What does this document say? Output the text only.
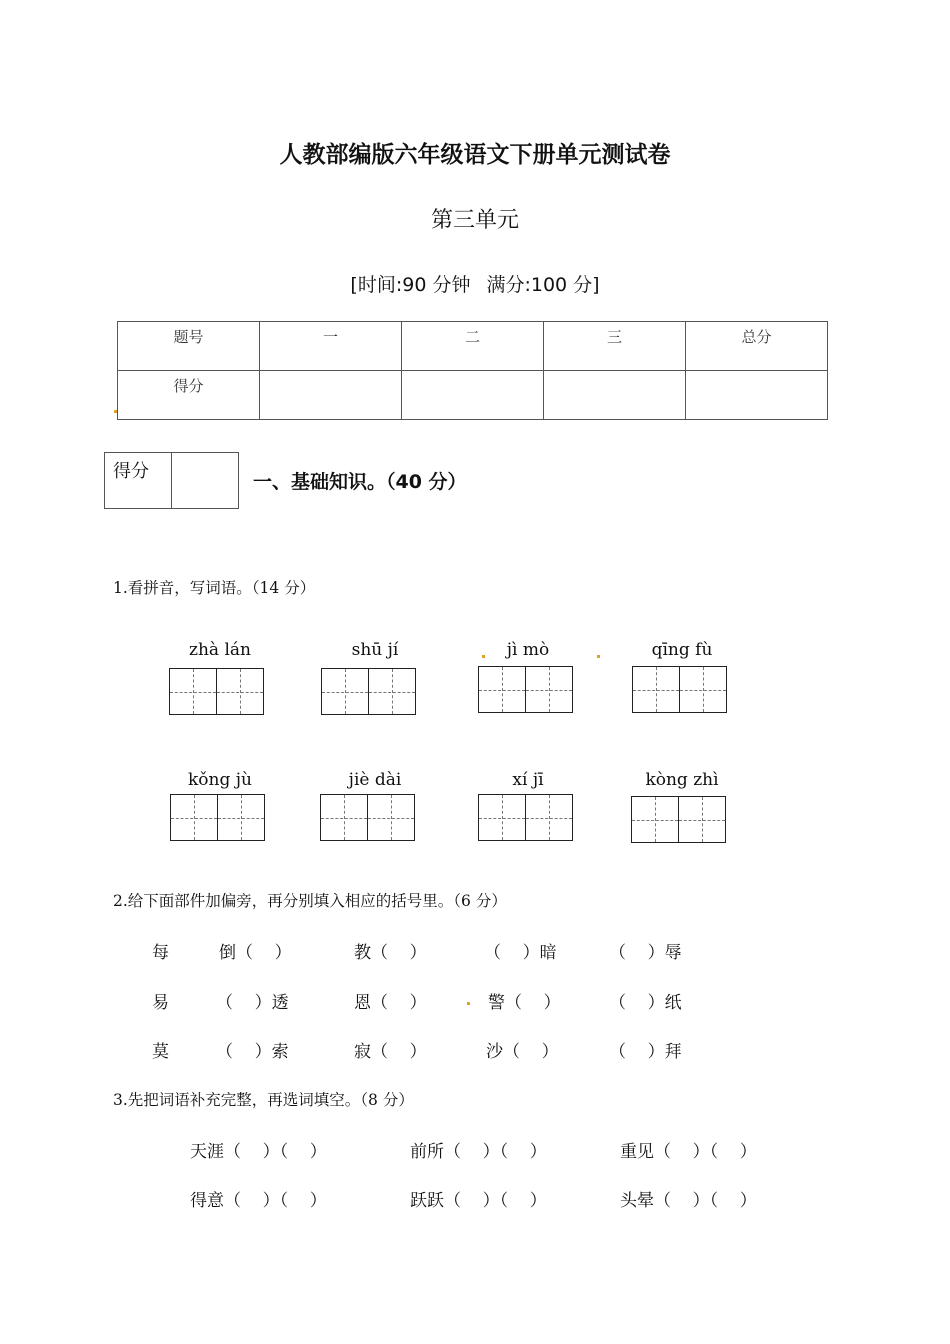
人教部编版六年级语文下册单元测试卷
第三单元
[时间:90 分钟 满分:100 分]
题号	一	二	三	总分
得分				
得分	一、基础知识。（40 分）
1.看拼音，写词语。（14 分）
zhà lán	shū jí	jì mò	qīng fù
kǒng jù	jiè dài	xí jī	kòng zhì
2.给下面部件加偏旁，再分别填入相应的括号里。（6 分）
每	倒（    ）	教（    ）	（    ）暗	（    ）辱
易	（    ）透	恩（    ）	警（    ）	（    ）纸
莫	（    ）索	寂（    ）	沙（    ）	（    ）拜
3.先把词语补充完整，再选词填空。（8 分）
天涯（    ）（    ）	前所（    ）（    ）	重见（    ）（    ）
得意（    ）（    ）	跃跃（    ）（    ）	头晕（    ）（    ）
